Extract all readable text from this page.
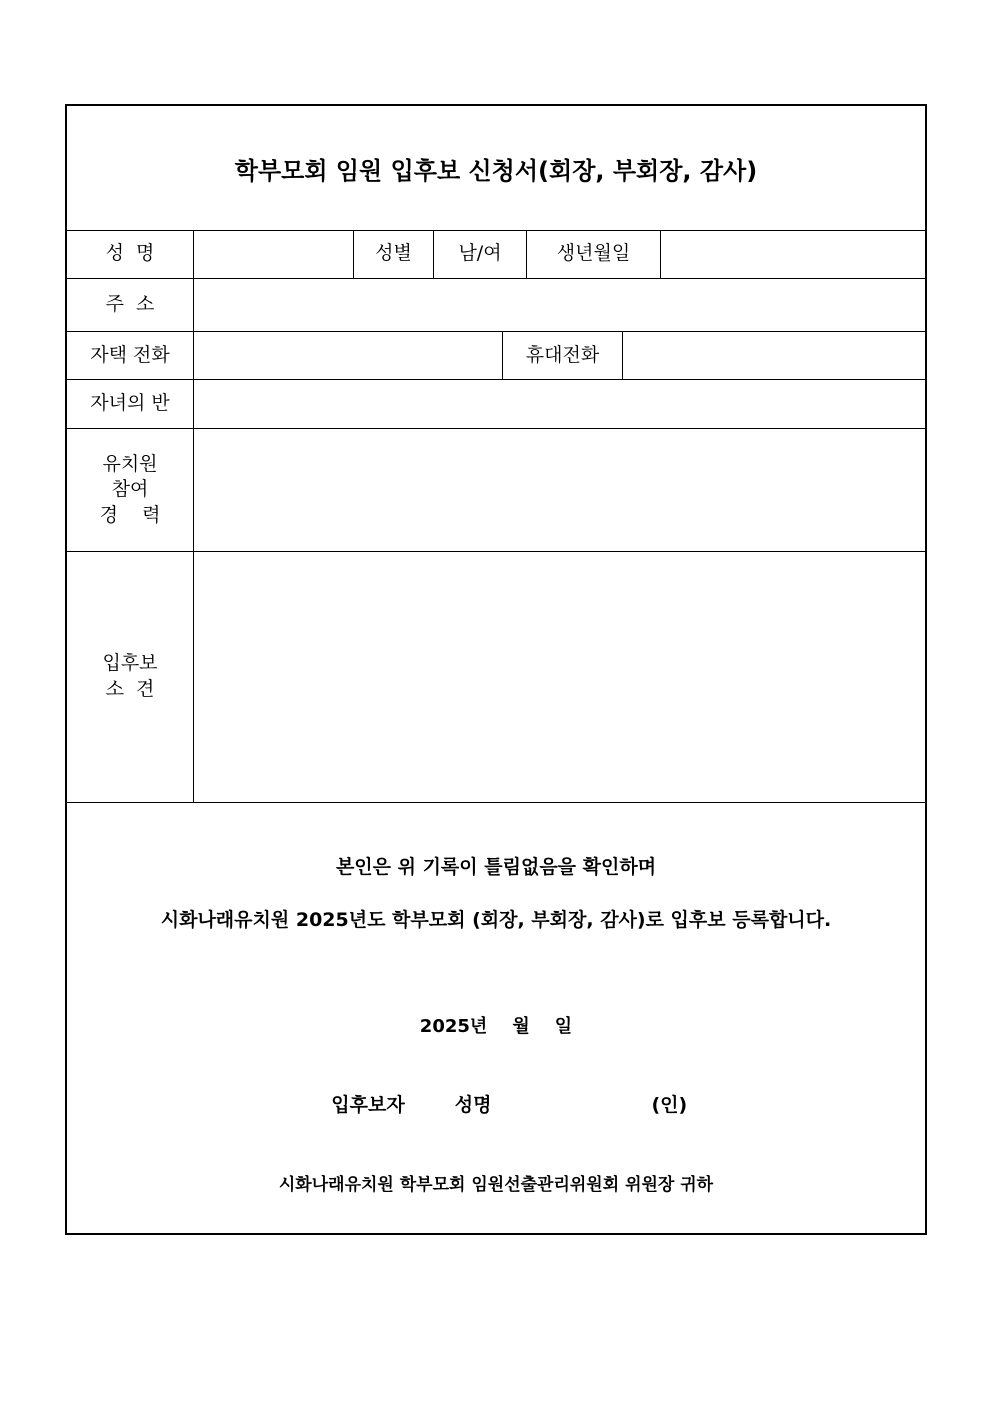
학부모회 임원 입후보 신청서(회장, 부회장, 감사)
성  명	성별	남/여	생년월일
주  소
자택 전화	휴대전화
자녀의 반
유치원
참여
경    력
입후보
소  견
본인은 위 기록이 틀림없음을 확인하며
시화나래유치원 2025년도 학부모회 (회장, 부회장, 감사)로 입후보 등록합니다.
2025년    월    일

입후보자	성명	(인)

시화나래유치원 학부모회 임원선출관리위원회 위원장 귀하
